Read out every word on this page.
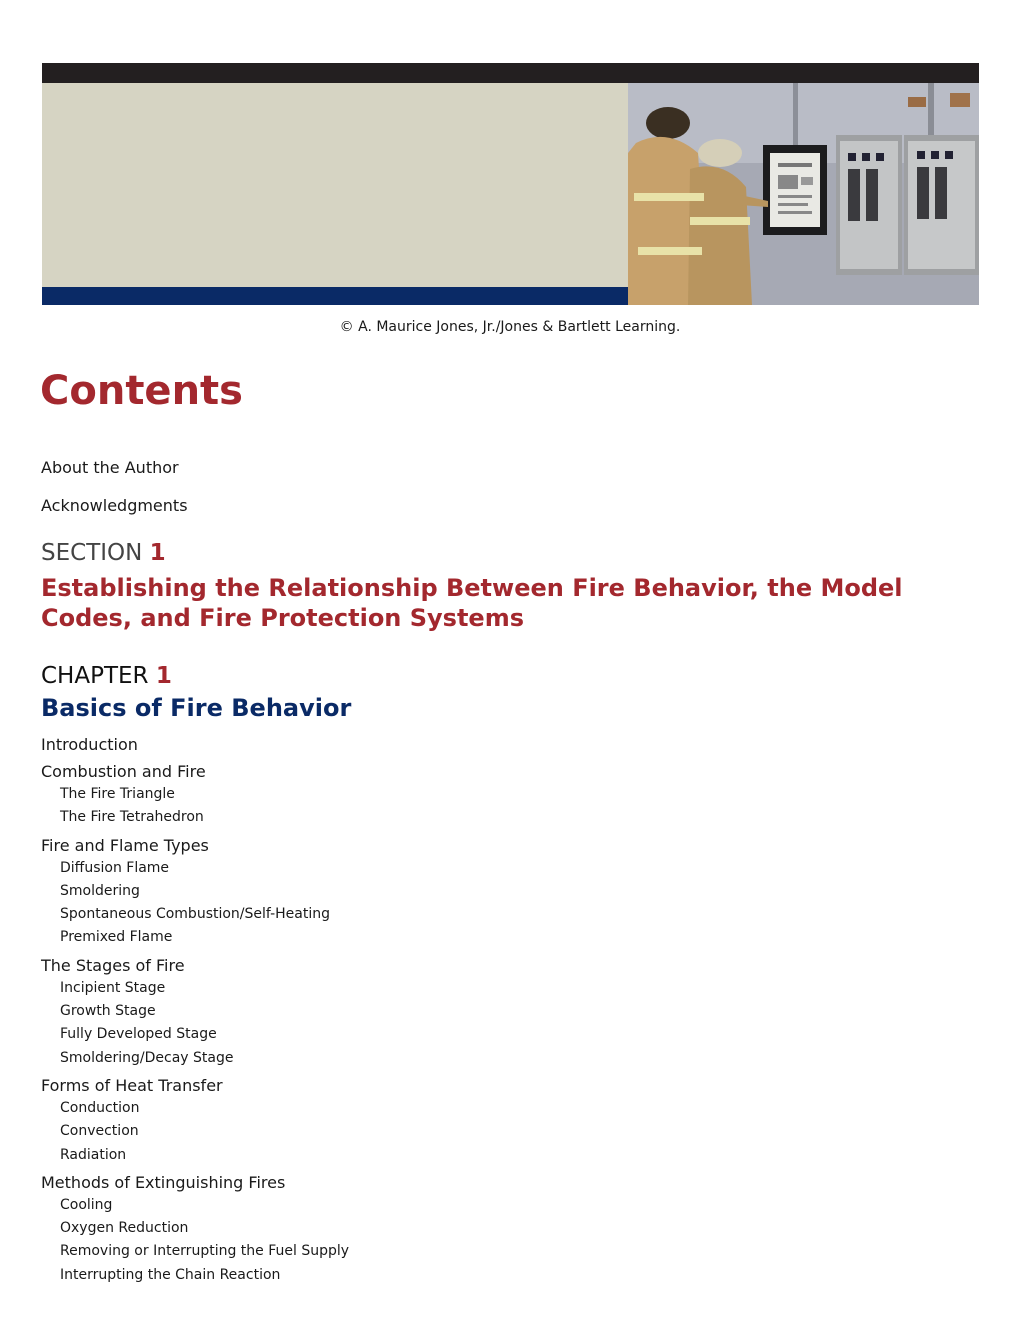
© A. Maurice Jones, Jr./Jones & Bartlett Learning.
Contents
About the Author
Acknowledgments
SECTION 1
Establishing the Relationship Between Fire Behavior, the Model Codes, and Fire Protection Systems
CHAPTER 1
Basics of Fire Behavior
Introduction
Combustion and Fire
The Fire Triangle
The Fire Tetrahedron
Fire and Flame Types
Diffusion Flame
Smoldering
Spontaneous Combustion/Self-Heating
Premixed Flame
The Stages of Fire
Incipient Stage
Growth Stage
Fully Developed Stage
Smoldering/Decay Stage
Forms of Heat Transfer
Conduction
Convection
Radiation
Methods of Extinguishing Fires
Cooling
Oxygen Reduction
Removing or Interrupting the Fuel Supply
Interrupting the Chain Reaction
